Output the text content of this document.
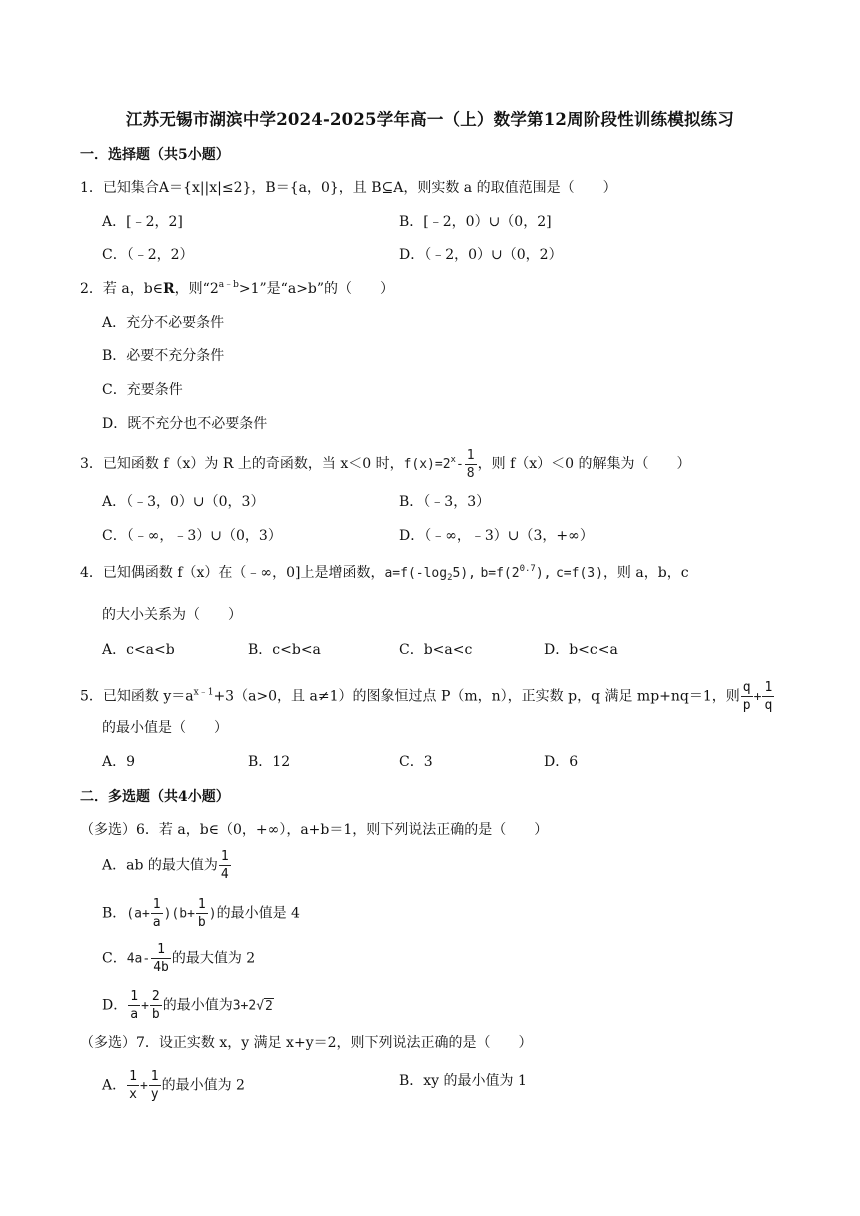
江苏无锡市湖滨中学2024-2025学年高一（上）数学第12周阶段性训练模拟练习
一．选择题（共5小题）
1．已知集合A＝{x||x|≤2}，B＝{a，0}，且 B⊆A，则实数 a 的取值范围是（　　）
A．[﹣2，2]	B．[﹣2，0）∪（0，2]
C．（﹣2，2）	D．（﹣2，0）∪（0，2）
2．若 a，b∈R，则“$2^{a﹣b}>1$”是“a>b”的（　　）
A．充分不必要条件
B．必要不充分条件
C．充要条件
D．既不充分也不必要条件
3．已知函数 f（x）为 R 上的奇函数，当 x＜0 时，$f(x)=2^x- \frac{1}{8}$ ，则 f（x）＜0 的解集为（　　）
A．（﹣3，0）∪（0，3）	B．（﹣3，3）
C．（﹣∞，﹣3）∪（0，3）	D．（﹣∞，﹣3）∪（3，+∞）
4．已知偶函数 f（x）在（﹣∞，0]上是增函数，$a=f(-\log_25)$, $b=f(2^{0.7})$, c=f(3)，则 a，b，c
的大小关系为（　　）
A．c<a<b	B．c<b<a	C．b<a<c	D．b<c<a
5．已知函数 $y=a^{x﹣1}+3(a>0$，且 a≠1）的图象恒过点 P（m，n），正实数 p，q 满足 mp+nq＝1，则 $\frac{q}{p} + \frac{1}{q}$
的最小值是（　　）
A．9	B．12	C．3	D．6
二．多选题（共4小题）
（多选）6．若 a，b∈（0，+∞），a+b＝1，则下列说法正确的是（　　）
A．ab 的最大值为 $\frac{1}{4}$
B．$(a+ \frac{1}{a} )(b+ \frac{1}{b}$ )的最小值是 4
C．$4a- \frac{1}{4b}$ 的最大值为 2
D． $\frac{1}{a} + \frac{2}{b}$ 的最小值为3+2√2
（多选）7．设正实数 x，y 满足 x+y＝2，则下列说法正确的是（　　）
A． $\frac{1}{x} + \frac{1}{y}$ 的最小值为 2	B．xy 的最小值为 1
